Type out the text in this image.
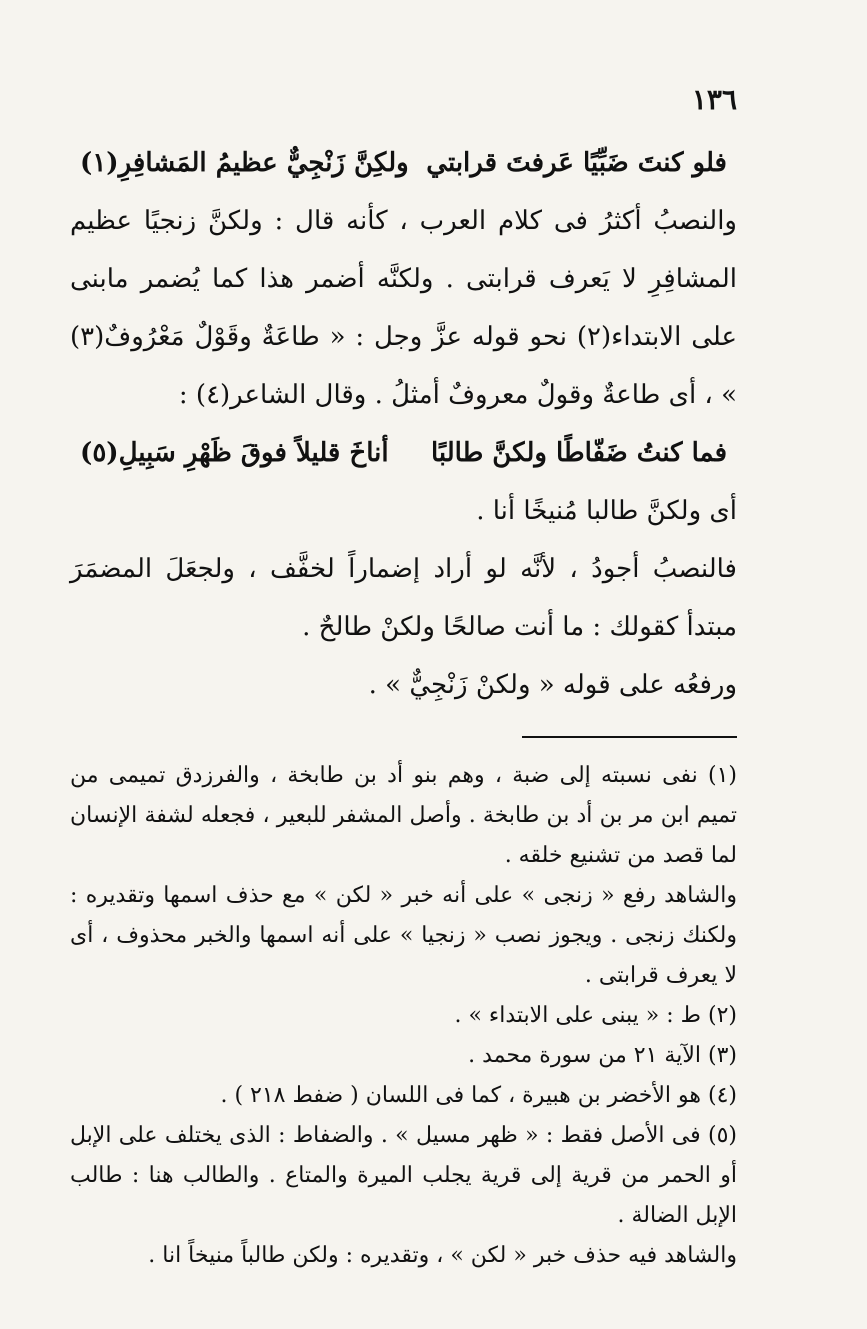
١٣٦
فلو كنتَ ضَبِّيًا عَرفتَ قرابتي
ولكِنَّ زَنْجِيٌّ عظيمُ المَشافِرِ(١)

والنصبُ أكثرُ فى كلام العرب ، كأنه قال : ولكنَّ زنجيًا عظيم المشافِرِ لا يَعرف قرابتى . ولكنَّه أضمر هذا كما يُضمر مابنى على الابتداء(٢) نحو قوله عزَّ وجل : « طاعَةٌ وقَوْلٌ مَعْرُوفٌ(٣) » ، أى طاعةٌ وقولٌ معروفٌ أمثلُ . وقال الشاعر(٤) :

فما كنتُ ضَفّاطًا ولكنَّ طالبًا
أناخَ قليلاً فوقَ ظَهْرِ سَبِيلِ(٥)

أى ولكنَّ طالبا مُنيخًا أنا .

فالنصبُ أجودُ ، لأنَّه لو أراد إضماراً لخفَّف ، ولجعَلَ المضمَرَ مبتدأ كقولك : ما أنت صالحًا ولكنْ طالحٌ .

ورفعُه على قوله « ولكنْ زَنْجِيٌّ » .

(١) نفى نسبته إلى ضبة ، وهم بنو أد بن طابخة ، والفرزدق تميمى من تميم ابن مر بن أد بن طابخة . وأصل المشفر للبعير ، فجعله لشفة الإنسان لما قصد من تشنيع خلقه .

والشاهد رفع « زنجى » على أنه خبر « لكن » مع حذف اسمها وتقديره : ولكنك زنجى . ويجوز نصب « زنجيا » على أنه اسمها والخبر محذوف ، أى لا يعرف قرابتى .

(٢) ط : « يبنى على الابتداء » .

(٣) الآية ٢١ من سورة محمد .

(٤) هو الأخضر بن هبيرة ، كما فى اللسان ( ضفط ٢١٨ ) .

(٥) فى الأصل فقط : « ظهر مسيل » . والضفاط : الذى يختلف على الإبل أو الحمر من قرية إلى قرية يجلب الميرة والمتاع . والطالب هنا : طالب الإبل الضالة .

والشاهد فيه حذف خبر « لكن » ، وتقديره : ولكن طالباً منيخاً انا .
